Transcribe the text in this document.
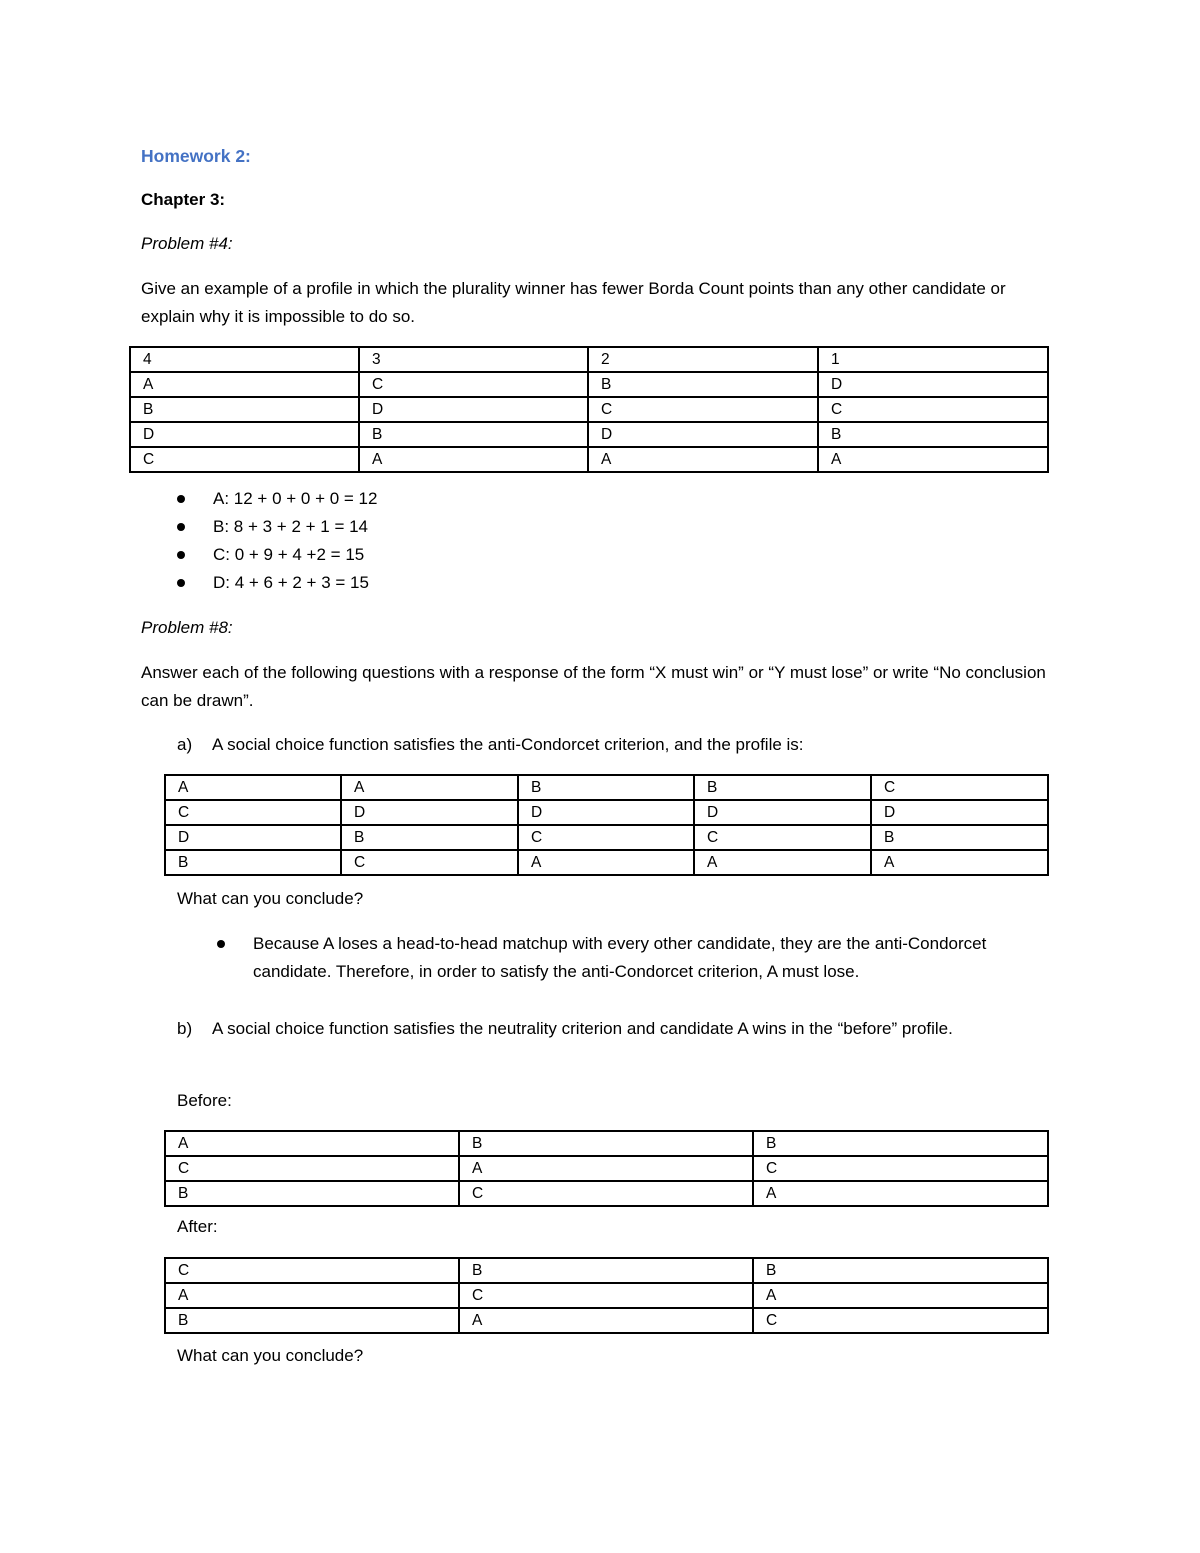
Homework 2:
Chapter 3:
Problem #4:
Give an example of a profile in which the plurality winner has fewer Borda Count points than any other candidate or explain why it is impossible to do so.
4	3	2	1
A	C	B	D
B	D	C	C
D	B	D	B
C	A	A	A
A: 12 + 0 + 0 + 0 = 12
B: 8 + 3 + 2 + 1 = 14
C: 0 + 9 + 4 +2 = 15
D: 4 + 6 + 2 + 3 = 15
Problem #8:
Answer each of the following questions with a response of the form “X must win” or “Y must lose” or write “No conclusion can be drawn”.
a) A social choice function satisfies the anti-Condorcet criterion, and the profile is:
A	A	B	B	C
C	D	D	D	D
D	B	C	C	B
B	C	A	A	A
What can you conclude?
Because A loses a head-to-head matchup with every other candidate, they are the anti-Condorcet candidate. Therefore, in order to satisfy the anti-Condorcet criterion, A must lose.
b) A social choice function satisfies the neutrality criterion and candidate A wins in the “before” profile.
Before:
A	B	B
C	A	C
B	C	A
After:
C	B	B
A	C	A
B	A	C
What can you conclude?
